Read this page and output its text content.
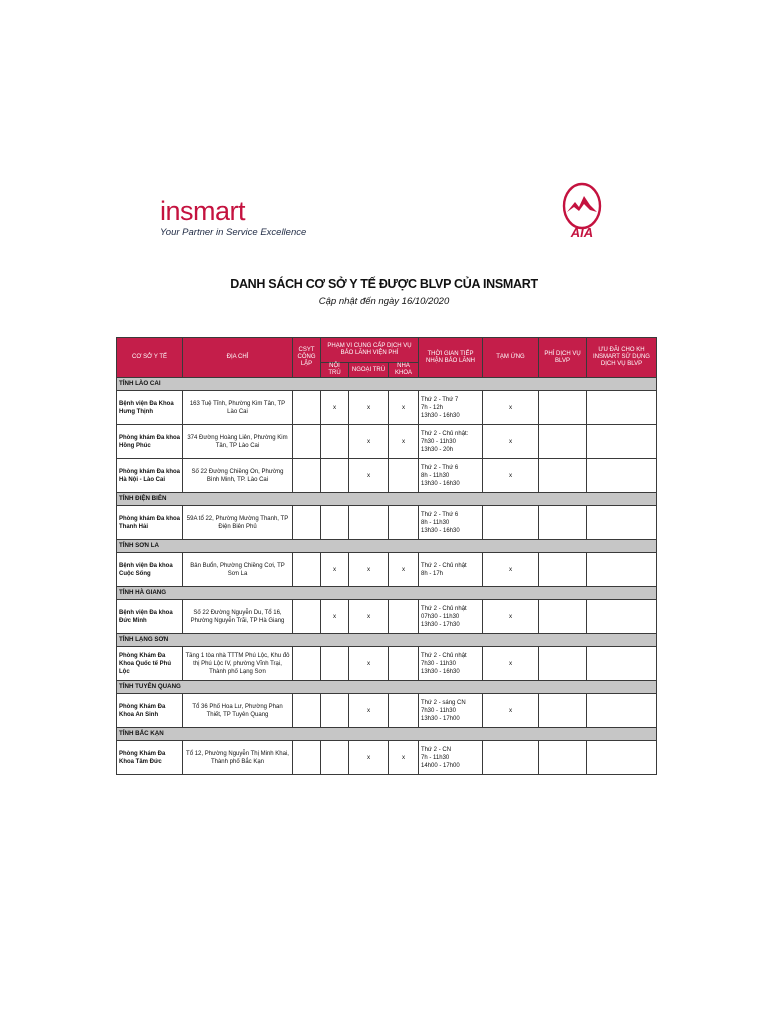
insmart
Your Partner in Service Excellence	AIA
DANH SÁCH CƠ SỞ Y TẾ ĐƯỢC BLVP CỦA INSMART
Cập nhật đến ngày 16/10/2020
CƠ SỞ Y TẾ	ĐỊA CHỈ	CSYT CÔNG LẬP	PHẠM VI CUNG CẤP DỊCH VỤ BẢO LÃNH VIỆN PHÍ			THỜI GIAN TIẾP NHẬN BẢO LÃNH	TẠM ỨNG	PHÍ DỊCH VỤ BLVP	ƯU ĐÃI CHO KH INSMART SỬ DỤNG DỊCH VỤ BLVP
			NỘI TRÚ	NGOẠI TRÚ	NHA KHOA				
TỈNH LÀO CAI									
Bệnh viện Đa Khoa Hưng Thịnh	163 Tuệ Tĩnh, Phường Kim Tân, TP Lào Cai		x	x	x	Thứ 2 - Thứ 7
7h - 12h
13h30 - 16h30	x		
Phòng khám Đa khoa Hồng Phúc	374 Đường Hoàng Liên, Phường Kim Tân, TP Lào Cai			x	x	Thứ 2 - Chủ nhật:
7h30 - 11h30
13h30 - 20h	x		
Phòng khám Đa khoa Hà Nội - Lào Cai	Số 22 Đường Chiềng On, Phường Bình Minh, TP. Lào Cai			x		Thứ 2 - Thứ 6
8h - 11h30
13h30 - 16h30	x		
TỈNH ĐIỆN BIÊN									
Phòng khám Đa khoa Thanh Hải	59A tổ 22, Phường Mường Thanh, TP Điện Biên Phủ					Thứ 2 - Thứ 6
8h - 11h30
13h30 - 16h30			

TỈNH SƠN LA									
Bệnh viện Đa khoa Cuộc Sống	Bản Buổn, Phường Chiềng Cơi, TP Sơn La		x	x	x	Thứ 2 - Chủ nhật
8h - 17h	x		
TỈNH HÀ GIANG									
Bệnh viện Đa khoa Đức Minh	Số 22 Đường Nguyễn Du, Tổ 16, Phường Nguyễn Trãi, TP Hà Giang		x	x		Thứ 2 - Chủ nhật
07h30 - 11h30
13h30 - 17h30	x		
TỈNH LẠNG SƠN									
Phòng Khám Đa Khoa Quốc tế Phú Lộc	Tầng 1 tòa nhà TTTM Phú Lộc, Khu đô thị Phú Lộc IV, phường Vĩnh Trại, Thành phố Lạng Sơn			x		Thứ 2 - Chủ nhật
7h30 - 11h30
13h30 - 16h30	x		
TỈNH TUYÊN QUANG									
Phòng Khám Đa Khoa An Sinh	Tổ 36 Phố Hoa Lư, Phường Phan Thiết, TP Tuyên Quang			x		Thứ 2 - sáng CN
7h30 - 11h30
13h30 - 17h00	x		
TỈNH BẮC KẠN									
Phòng Khám Đa Khoa Tâm Đức	Tổ 12, Phường Nguyễn Thị Minh Khai, Thành phố Bắc Kạn			x	x	Thứ 2 - CN
7h - 11h30
14h00 - 17h00			
